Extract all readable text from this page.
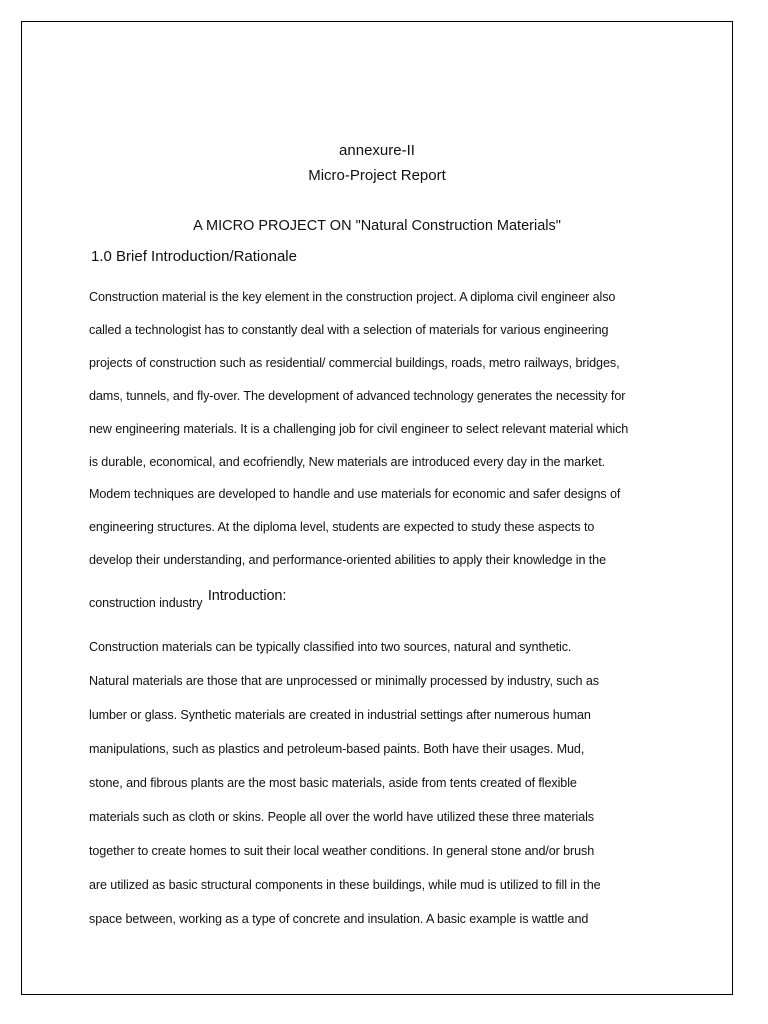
annexure-II
Micro-Project Report
A MICRO PROJECT ON "Natural Construction Materials"
1.0 Brief Introduction/Rationale
Construction material is the key element in the construction project. A diploma civil engineer also
called a technologist has to constantly deal with a selection of materials for various engineering
projects of construction such as residential/ commercial buildings, roads, metro railways, bridges,
dams, tunnels, and fly-over. The development of advanced technology generates the necessity for
new engineering materials. It is a challenging job for civil engineer to select relevant material which
is durable, economical, and ecofriendly, New materials are introduced every day in the market.
Modem techniques are developed to handle and use materials for economic and safer designs of
engineering structures. At the diploma level, students are expected to study these aspects to
develop their understanding, and performance-oriented abilities to apply their knowledge in the
construction industry Introduction:
Construction materials can be typically classified into two sources, natural and synthetic.
Natural materials are those that are unprocessed or minimally processed by industry, such as
lumber or glass. Synthetic materials are created in industrial settings after numerous human
manipulations, such as plastics and petroleum-based paints. Both have their usages. Mud,
stone, and fibrous plants are the most basic materials, aside from tents created of flexible
materials such as cloth or skins. People all over the world have utilized these three materials
together to create homes to suit their local weather conditions. In general stone and/or brush
are utilized as basic structural components in these buildings, while mud is utilized to fill in the
space between, working as a type of concrete and insulation. A basic example is wattle and
